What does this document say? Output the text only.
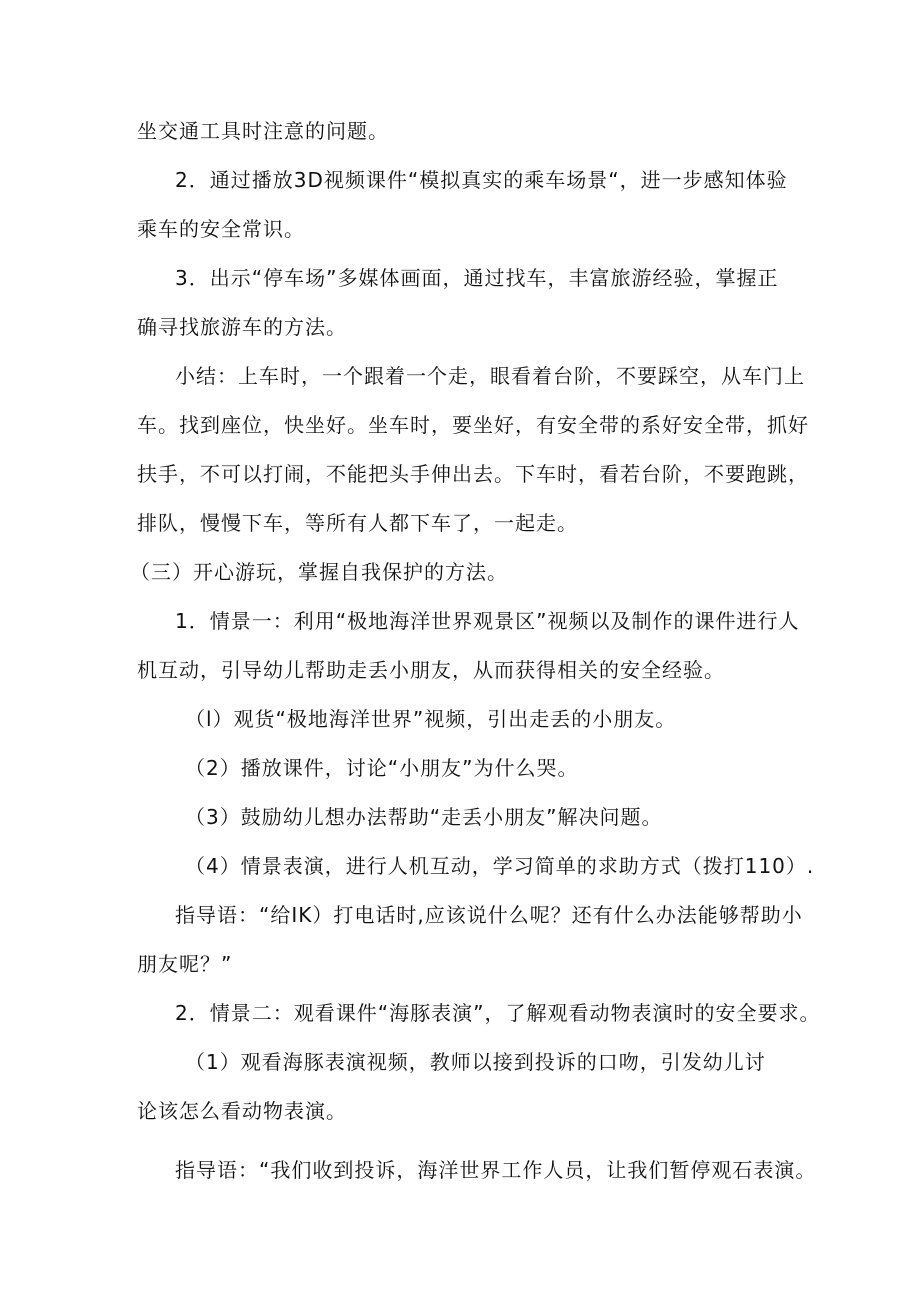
坐交通工具时注意的问题。

2．通过播放3D视频课件“模拟真实的乘车场景“，进一步感知体验

乘车的安全常识。

3．出示“停车场”多媒体画面，通过找车，丰富旅游经验，掌握正

确寻找旅游车的方法。

小结：上车时，一个跟着一个走，眼看着台阶，不要踩空，从车门上

车。找到座位，快坐好。坐车时，要坐好，有安全带的系好安全带，抓好

扶手，不可以打闹，不能把头手伸出去。下车时，看若台阶，不要跑跳，

排队，慢慢下车，等所有人都下车了，一起走。

（三）开心游玩，掌握自我保护的方法。

1．情景一：利用“极地海洋世界观景区”视频以及制作的课件进行人

机互动，引导幼儿帮助走丢小朋友，从而获得相关的安全经验。

（l）观货“极地海洋世界”视频，引出走丢的小朋友。

（2）播放课件，讨论“小朋友”为什么哭。

（3）鼓励幼儿想办法帮助“走丢小朋友”解决问题。

（4）情景表演，进行人机互动，学习简单的求助方式（拨打110）.

指导语：“给IK）打电话时,应该说什么呢？还有什么办法能够帮助小

朋友呢？”

2．情景二：观看课件“海豚表演”，了解观看动物表演时的安全要求。

（1）观看海豚表演视频，教师以接到投诉的口吻，引发幼儿讨

论该怎么看动物表演。

指导语：“我们收到投诉，海洋世界工作人员，让我们暂停观石表演。
